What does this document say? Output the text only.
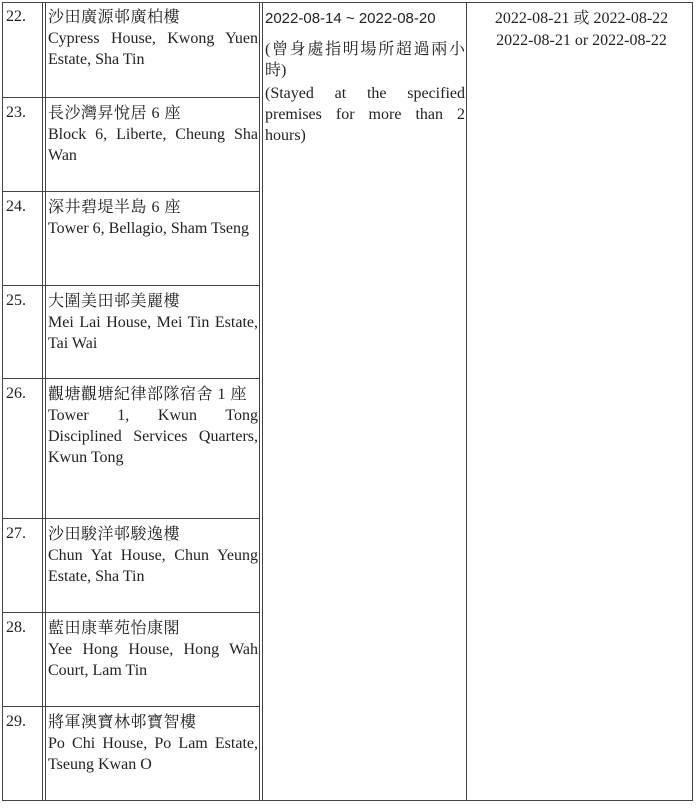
22.	沙田廣源邨廣柏樓
Cypress House, Kwong Yuen Estate, Sha Tin
23.	長沙灣昇悅居 6 座
Block 6, Liberte, Cheung Sha Wan
24.	深井碧堤半島 6 座
Tower 6, Bellagio, Sham Tseng
25.	大圍美田邨美麗樓
Mei Lai House, Mei Tin Estate, Tai Wai
26.	觀塘觀塘紀律部隊宿舍 1 座
Tower 1, Kwun Tong Disciplined Services Quarters, Kwun Tong
27.	沙田駿洋邨駿逸樓
Chun Yat House, Chun Yeung Estate, Sha Tin
28.	藍田康華苑怡康閣
Yee Hong House, Hong Wah Court, Lam Tin
29.	將軍澳寶林邨寶智樓
Po Chi House, Po Lam Estate, Tseung Kwan O
2022-08-14 ~ 2022-08-20
(曾身處指明場所超過兩小時)
(Stayed at the specified premises for more than 2 hours)
2022-08-21 或 2022-08-22
2022-08-21 or 2022-08-22
